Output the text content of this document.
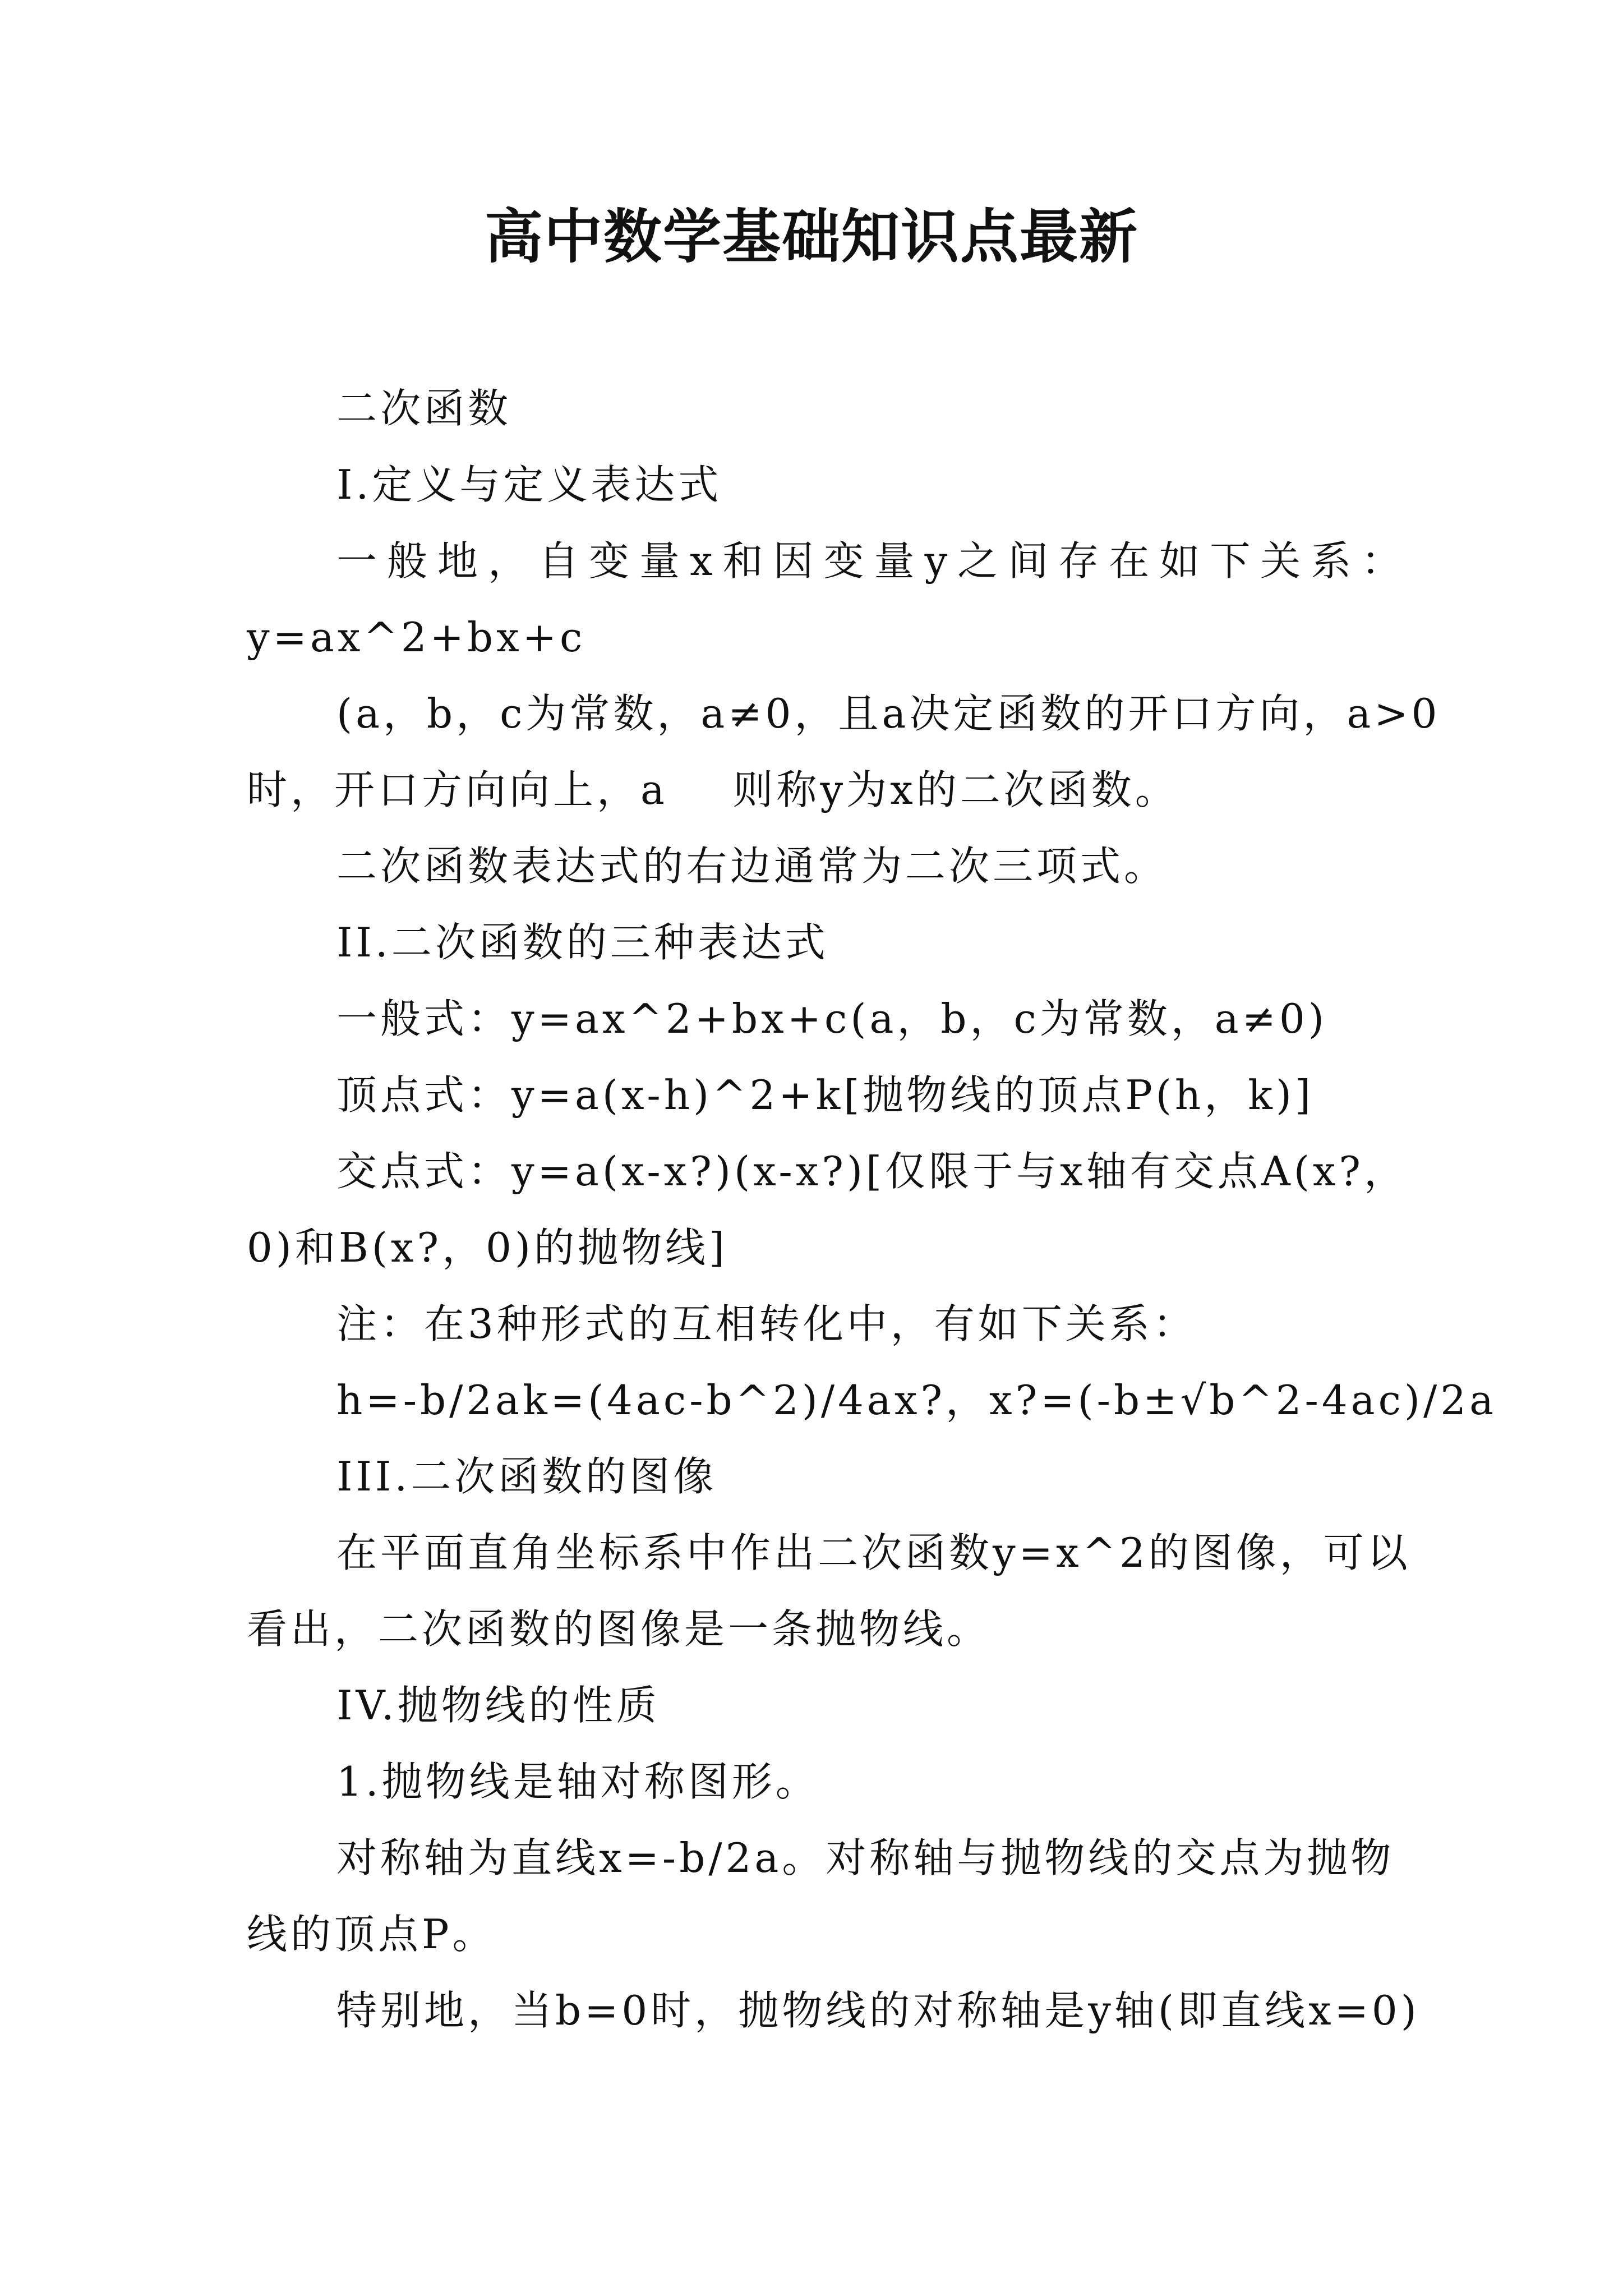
高中数学基础知识点最新
二次函数
I.定义与定义表达式
一般地，自变量x和因变量y之间存在如下关系：
y=ax^2+bx+c
(a，b，c为常数，a≠0，且a决定函数的开口方向，a>0
时，开口方向向上，a    则称y为x的二次函数。
二次函数表达式的右边通常为二次三项式。
II.二次函数的三种表达式
一般式：y=ax^2+bx+c(a，b，c为常数，a≠0)
顶点式：y=a(x-h)^2+k[抛物线的顶点P(h，k)]
交点式：y=a(x-x?)(x-x?)[仅限于与x轴有交点A(x?，
0)和B(x?，0)的抛物线]
注：在3种形式的互相转化中，有如下关系：
h=-b/2ak=(4ac-b^2)/4ax?，x?=(-b±√b^2-4ac)/2a
III.二次函数的图像
在平面直角坐标系中作出二次函数y=x^2的图像，可以
看出，二次函数的图像是一条抛物线。
IV.抛物线的性质
1.抛物线是轴对称图形。
对称轴为直线x=-b/2a。对称轴与抛物线的交点为抛物
线的顶点P。
特别地，当b=0时，抛物线的对称轴是y轴(即直线x=0)
